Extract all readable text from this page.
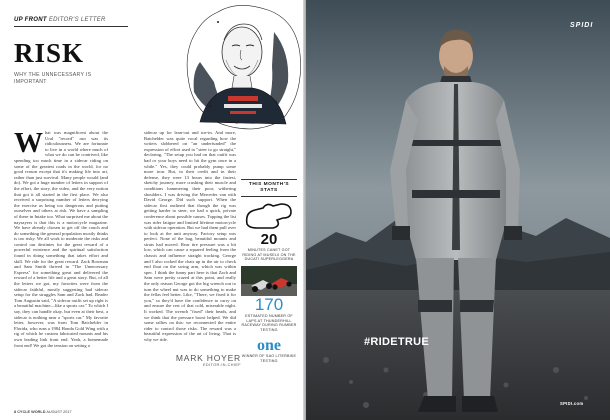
UP FRONT EDITOR'S LETTER
RISK
WHY THE UNNECESSARY IS IMPORTANT
What was magnificent about the Ural "record" run was its ridiculousness. We are fortunate to live in a world where much of what we do can be contrived, like spending too much time in a sidecar riding on some of the greatest roads in the world, for no good reason except that it's making life into art, rather than just survival. Many people would (and do). We got a huge number of letters in support of the effort, the story, the video, and the very notion that got it all started in the first place. We also received a surprising number of letters decrying the exercise as being too dangerous and putting ourselves and others at risk. We have a sampling of these in Intake too. What surprised me about the naysayers is that this is a motorcycle magazine. We have already chosen to get off the couch and do something the general population mostly thinks is too risky. We all work to moderate the risks and control our destinies for the great reward of a powerful existence and the spiritual satisfaction found in doing something that takes effort and skill. We ride for the great reward. Zack Bowman and Sam Smith thrived in "The Unnecessary Express" for something great and delivered the reward of a better life and a great story. But, of all the letters we got, my favorites were from the sidecar faithful, mostly suggesting bad sidecar setup for the struggles Sam and Zack had. Reader Tom Augustin said, "A sidecar outfit set up right is a beautiful machine—like a sports car." To which I say, they can handle okay, but even at their best, a sidecar is nothing near a "sports car." My favorite letter, however, was from Tom Batchelder in Florida, who runs a 1984 Honda Gold Wing with a rig of which he custom fabricated mounts and his own leading link front end. Yeah, a homemade front end! We got the tension on setting a
sidecar up for lean-out and toe-in. And more, Batchelder was quite vocal regarding how the writers slobbered on "an underfunded" the expression of effort used to "steer to go straight," declaring, "The setup you had on that outfit was bad or your boys need to hit the gym once in a while." Yes, they could probably pump some more iron. But, in their credit and in their defense, they were 13 hours into the fastest, sketchy journey, more crushing their muscle and conditions hammering their poor, withering shoulders. I was driving the Mercedes van with David George. Did such support. When the sidecar first outlined that though the rig was getting harder to steer, we had a quick, private conference about possible causes. Topping the list was rider fatigue and limited lifetime motorcycle with sidecar operation. But we had them pull over to look at the unit anyway. Factory setup was perfect. None of the bag, beautiful mounts and struts had moved. Rear tire pressure was a bit low, which can cause a squared feeling from the chassis and influence straight tracking. George and I also rocked the chair up in the air to check end float on the swing arm, which was within spec. I think the funny part here is that Zach and Sam were pretty crazed at this point, and really the only reason George got the big wrench out to turn the wheel nut was to do something to make the fellas feel better. Like, "There, we fixed it for you," so they'd have the confidence to carry on and ensure the rest of that cold, miserable night. It worked. The wrench "fixed" their heads, and we think that the pressure boost helped. We did some rallies on this: we reconnected the entire rider to control those risks. The reward was a beautiful expression of the art of living. That is why we ride.
THIS MONTH'S STATS
20
MINUTES CANET GOT RIDING AT MUSEL0 ON THE DUCATI SUPERLEGGERA
170
ESTIMATED NUMBER OF LAPS AT THUNDERHILL RACEWAY DURING RUMBER TESTING
one
WINNER OF SAO LITERBIKE TESTING
MARK HOYER
EDITOR-IN-CHIEF
8 CYCLE WORLD AUGUST 2017
SPIDI
#RIDETRUE
SPIDI.com
